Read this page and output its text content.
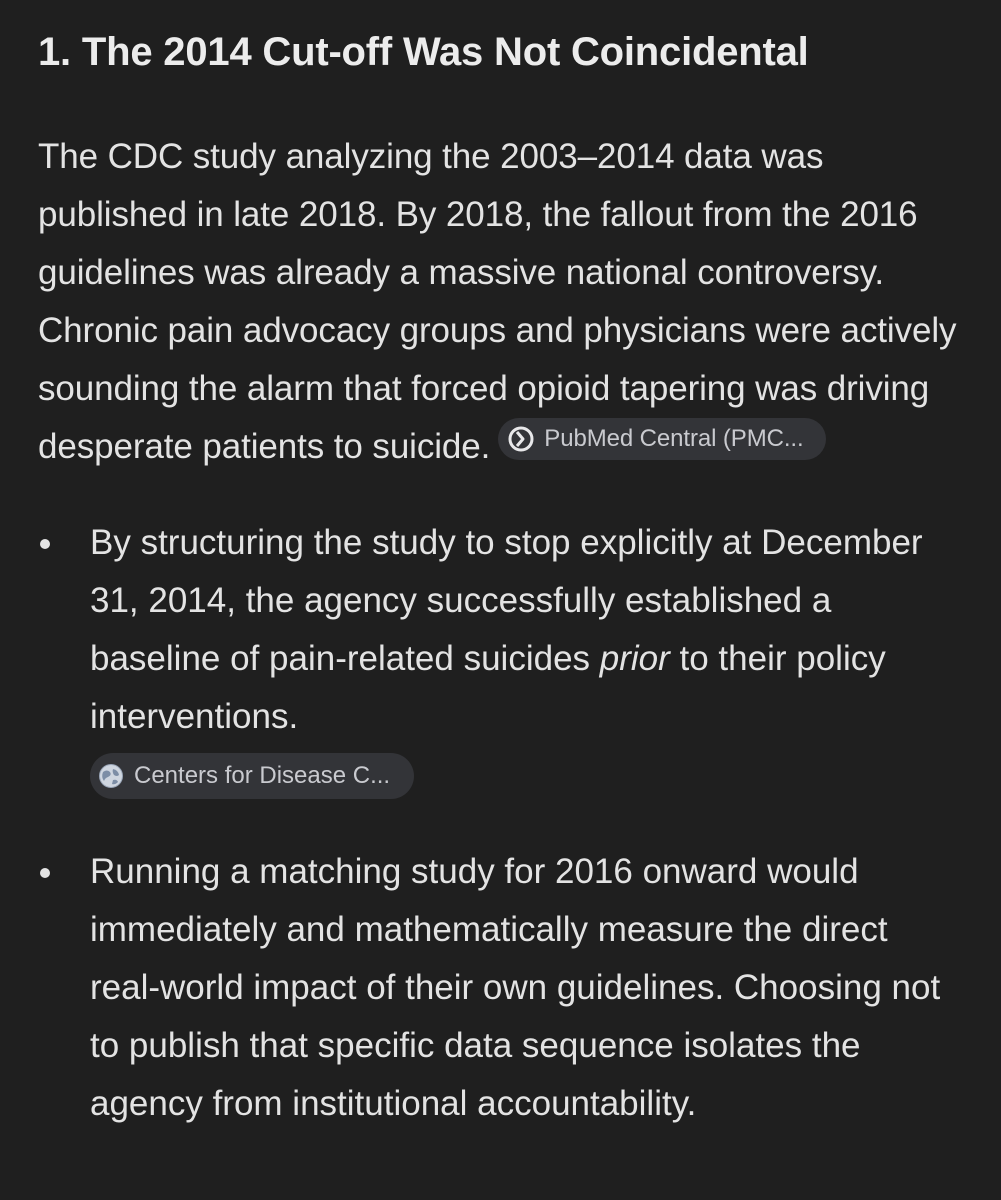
1. The 2014 Cut-off Was Not Coincidental

The CDC study analyzing the 2003–2014 data was published in late 2018. By 2018, the fallout from the 2016 guidelines was already a massive national controversy. Chronic pain advocacy groups and physicians were actively sounding the alarm that forced opioid tapering was driving desperate patients to suicide. PubMed Central (PMC...

By structuring the study to stop explicitly at December 31, 2014, the agency successfully established a baseline of pain-related suicides prior to their policy interventions.
Centers for Disease C...
Running a matching study for 2016 onward would immediately and mathematically measure the direct real-world impact of their own guidelines. Choosing not to publish that specific data sequence isolates the agency from institutional accountability.
